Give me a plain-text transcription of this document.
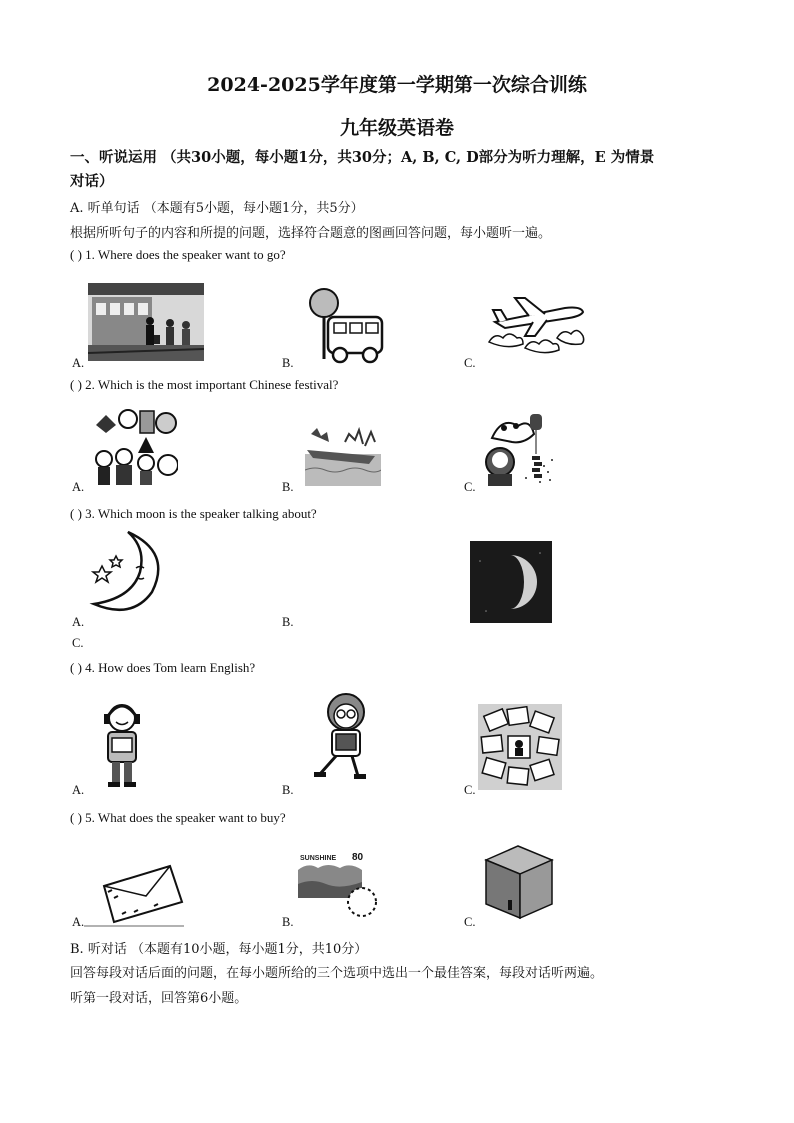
2024-2025学年度第一学期第一次综合训练
九年级英语卷
一、听说运用 （共30小题，每小题1分，共30分；A, B, C, D部分为听力理解，E 为情景
对话）
A. 听单句话 （本题有5小题，每小题1分，共5分）
根据所听句子的内容和所提的问题，选择符合题意的图画回答问题，每小题听一遍。
( ) 1. Where does the speaker want to go?
A.	B.	C.
( ) 2. Which is the most important Chinese festival?
A.	B.	C.
( ) 3. Which moon is the speaker talking about?
A.	B.
C.
( ) 4. How does Tom learn English?
A.	B.	C.
( ) 5. What does the speaker want to buy?
A.
SUNSHINE 80
B.	C.
B. 听对话 （本题有10小题，每小题1分，共10分）
回答每段对话后面的问题，在每小题所给的三个选项中选出一个最佳答案，每段对话听两遍。
听第一段对话，回答第6小题。
